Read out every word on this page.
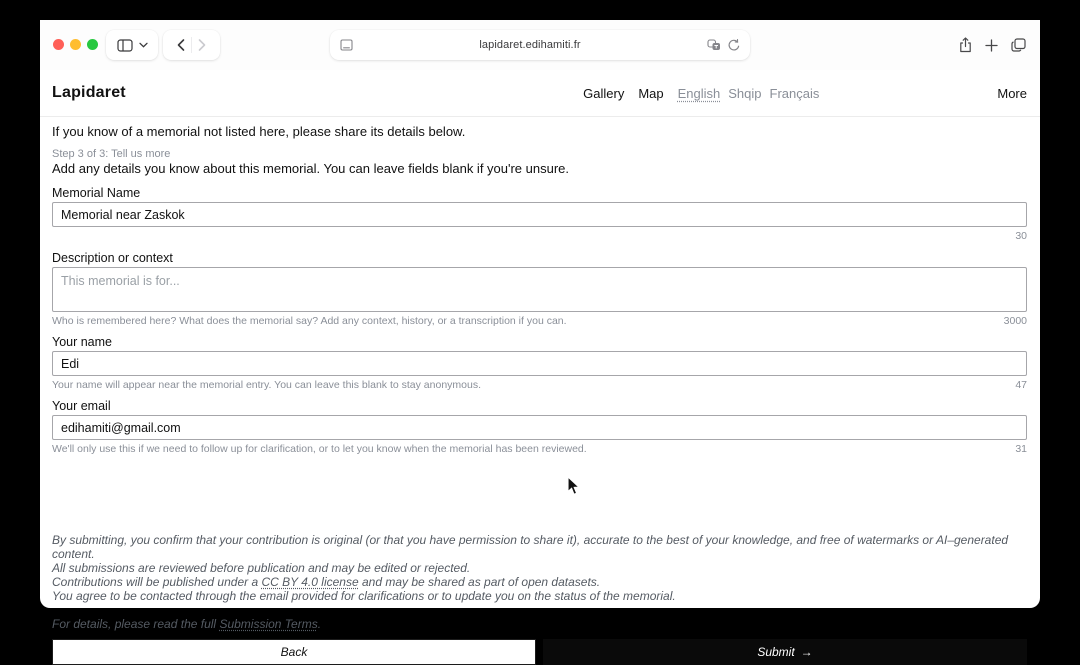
lapidaret.edihamiti.fr
Lapidaret	Gallery Map English Shqip Français	More

If you know of a memorial not listed here, please share its details below.

Step 3 of 3: Tell us more

Add any details you know about this memorial. You can leave fields blank if you're unsure.

Memorial Name
Memorial near Zaskok
30
Description or context
This memorial is for...
Who is remembered here? What does the memorial say? Add any context, history, or a transcription if you can.	3000
Your name
Edi
Your name will appear near the memorial entry. You can leave this blank to stay anonymous.	47
Your email
edihamiti@gmail.com
We'll only use this if we need to follow up for clarification, or to let you know when the memorial has been reviewed.	31

By submitting, you confirm that your contribution is original (or that you have permission to share it), accurate to the best of your knowledge, and free of watermarks or AI–generated content.

All submissions are reviewed before publication and may be edited or rejected.

Contributions will be published under a CC BY 4.0 license and may be shared as part of open datasets.

You agree to be contacted through the email provided for clarifications or to update you on the status of the memorial.

For details, please read the full Submission Terms.
Back	Submit →
